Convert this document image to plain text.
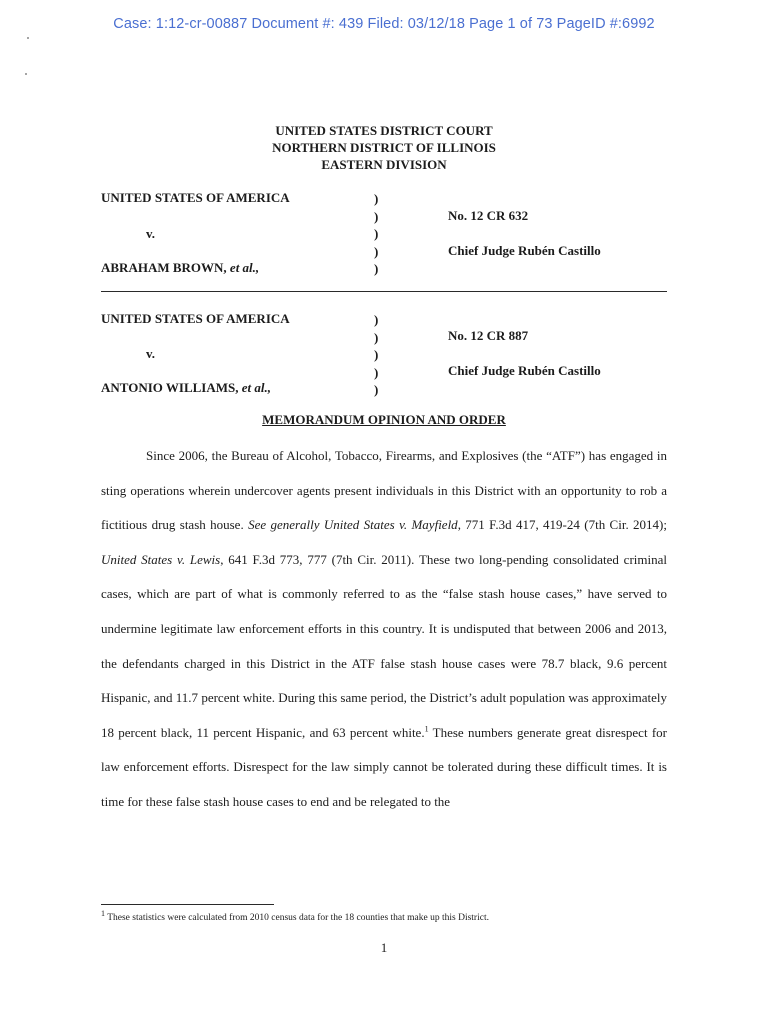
Case: 1:12-cr-00887 Document #: 439 Filed: 03/12/18 Page 1 of 73 PageID #:6992
UNITED STATES DISTRICT COURT
NORTHERN DISTRICT OF ILLINOIS
EASTERN DIVISION
UNITED STATES OF AMERICA
v.
ABRAHAM BROWN, et al.,
)
)
)
)
)
No. 12 CR 632
Chief Judge Rubén Castillo
UNITED STATES OF AMERICA
v.
ANTONIO WILLIAMS, et al.,
)
)
)
)
)
No. 12 CR 887
Chief Judge Rubén Castillo
MEMORANDUM OPINION AND ORDER
Since 2006, the Bureau of Alcohol, Tobacco, Firearms, and Explosives (the “ATF”) has engaged in sting operations wherein undercover agents present individuals in this District with an opportunity to rob a fictitious drug stash house. See generally United States v. Mayfield, 771 F.3d 417, 419-24 (7th Cir. 2014); United States v. Lewis, 641 F.3d 773, 777 (7th Cir. 2011). These two long-pending consolidated criminal cases, which are part of what is commonly referred to as the “false stash house cases,” have served to undermine legitimate law enforcement efforts in this country. It is undisputed that between 2006 and 2013, the defendants charged in this District in the ATF false stash house cases were 78.7 black, 9.6 percent Hispanic, and 11.7 percent white. During this same period, the District’s adult population was approximately 18 percent black, 11 percent Hispanic, and 63 percent white.$^1$ These numbers generate great disrespect for law enforcement efforts. Disrespect for the law simply cannot be tolerated during these difficult times. It is time for these false stash house cases to end and be relegated to the
$^1$ These statistics were calculated from 2010 census data for the 18 counties that make up this District.
1
